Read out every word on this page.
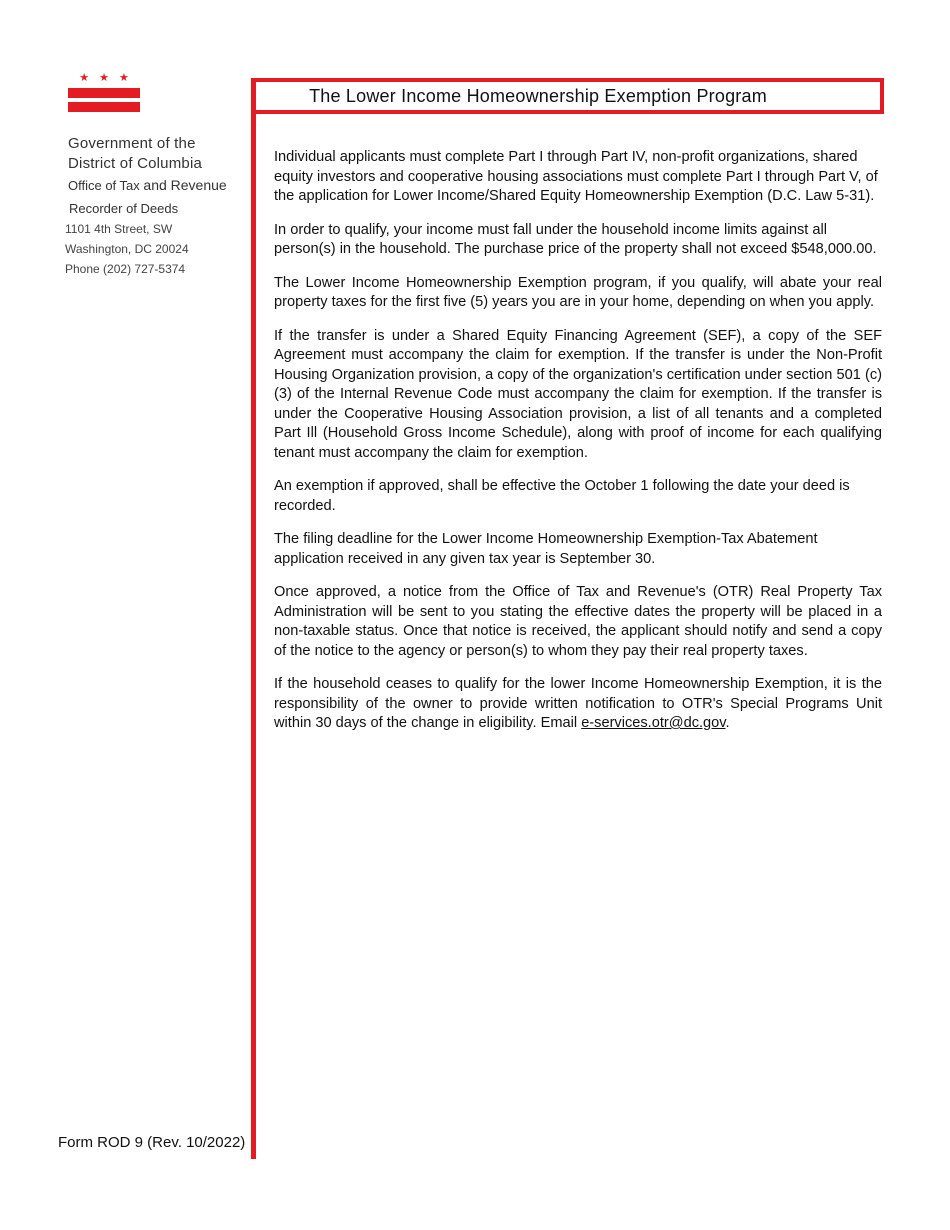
★ ★ ★
Government of the
District of Columbia
Office of Tax and Revenue
Recorder of Deeds
1101 4th Street, SW
Washington, DC 20024
Phone (202) 727-5374
The Lower Income Homeownership Exemption Program

Individual applicants must complete Part I through Part IV, non-profit organizations, shared equity investors and cooperative housing associations must complete Part I through Part V, of the application for Lower Income/Shared Equity Homeownership Exemption (D.C. Law 5-31).

In order to qualify, your income must fall under the household income limits against all person(s) in the household. The purchase price of the property shall not exceed $548,000.00.

The Lower Income Homeownership Exemption program, if you qualify, will abate your real property taxes for the first five (5) years you are in your home, depending on when you apply.

If the transfer is under a Shared Equity Financing Agreement (SEF), a copy of the SEF Agreement must accompany the claim for exemption. If the transfer is under the Non-Profit Housing Organization provision, a copy of the organization's certification under section 501 (c)(3) of the Internal Revenue Code must accompany the claim for exemption. If the transfer is under the Cooperative Housing Association provision, a list of all tenants and a completed Part Ill (Household Gross Income Schedule), along with proof of income for each qualifying tenant must accompany the claim for exemption.

An exemption if approved, shall be effective the October 1 following the date your deed is recorded.

The filing deadline for the Lower Income Homeownership Exemption-Tax Abatement application received in any given tax year is September 30.

Once approved, a notice from the Office of Tax and Revenue's (OTR) Real Property Tax Administration will be sent to you stating the effective dates the property will be placed in a non-taxable status. Once that notice is received, the applicant should notify and send a copy of the notice to the agency or person(s) to whom they pay their real property taxes.

If the household ceases to qualify for the lower Income Homeownership Exemption, it is the responsibility of the owner to provide written notification to OTR's Special Programs Unit within 30 days of the change in eligibility. Email e-services.otr@dc.gov.

Form ROD 9 (Rev. 10/2022)
